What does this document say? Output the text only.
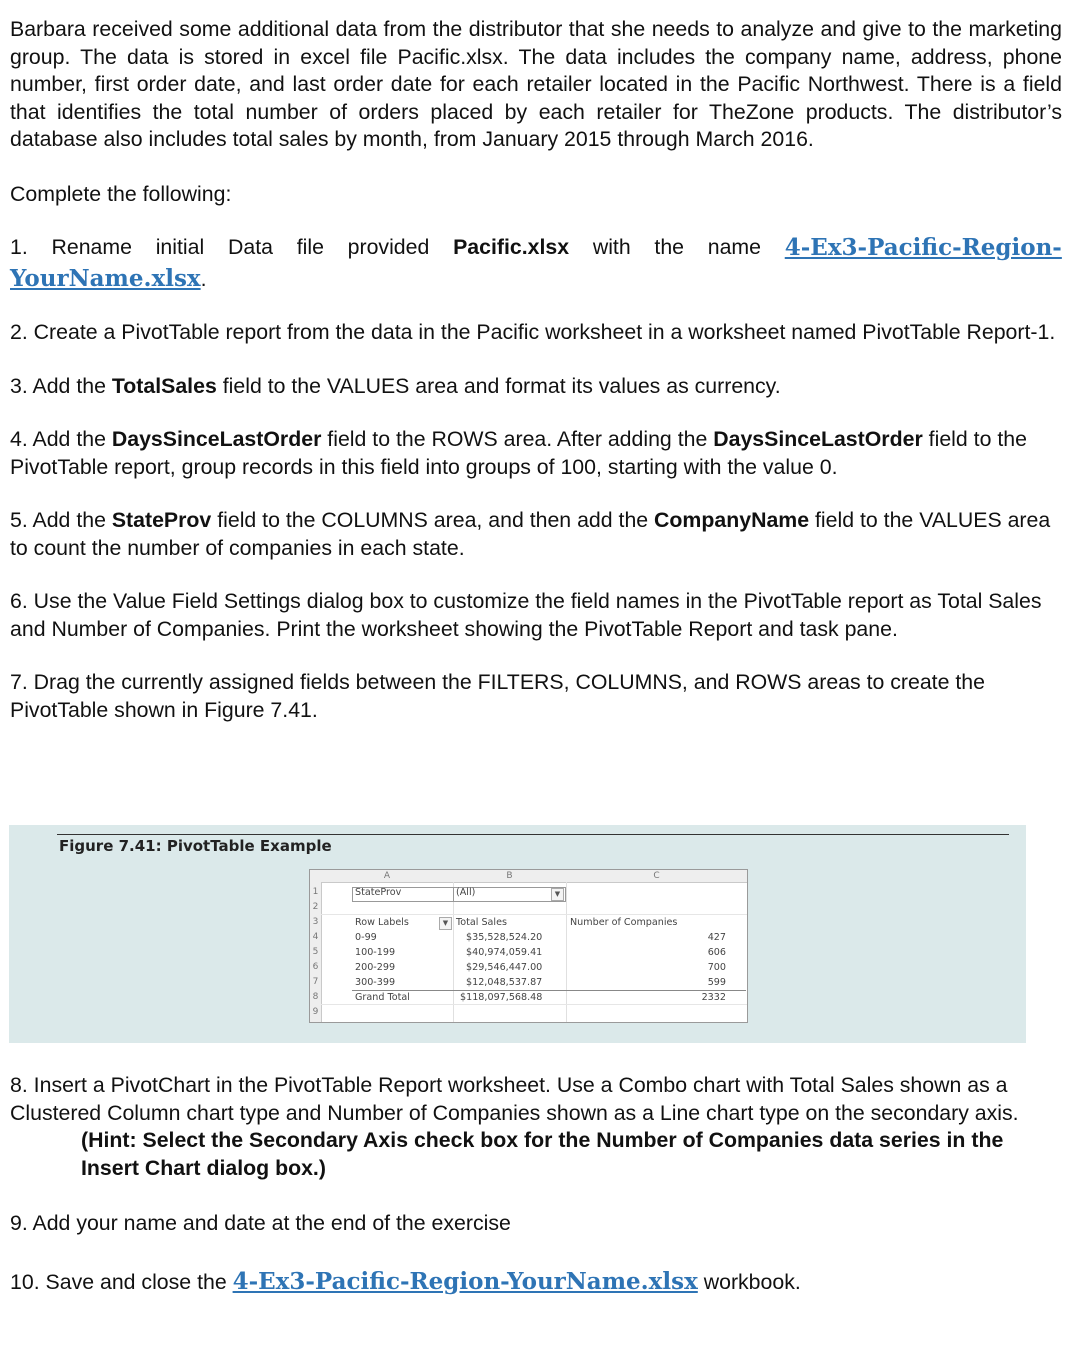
Barbara received some additional data from the distributor that she needs to analyze and give to the marketing group. The data is stored in excel file Pacific.xlsx. The data includes the company name, address, phone number, first order date, and last order date for each retailer located in the Pacific Northwest. There is a field that identifies the total number of orders placed by each retailer for TheZone products. The distributor’s database also includes total sales by month, from January 2015 through March 2016.

Complete the following:

1. Rename initial Data file provided Pacific.xlsx with the name 4-Ex3-Pacific-Region-

YourName.xlsx.

2. Create a PivotTable report from the data in the Pacific worksheet in a worksheet named PivotTable Report-1.

3. Add the TotalSales field to the VALUES area and format its values as currency.

4. Add the DaysSinceLastOrder field to the ROWS area. After adding the DaysSinceLastOrder field to the PivotTable report, group records in this field into groups of 100, starting with the value 0.

5. Add the StateProv field to the COLUMNS area, and then add the CompanyName field to the VALUES area to count the number of companies in each state.

6. Use the Value Field Settings dialog box to customize the field names in the PivotTable report as Total Sales and Number of Companies. Print the worksheet showing the PivotTable Report and task pane.

7. Drag the currently assigned fields between the FILTERS, COLUMNS, and ROWS areas to create the PivotTable shown in Figure 7.41.

Figure 7.41: PivotTable Example
A	B	C
1
2
3
4
5
6
7
8
9
StateProv	(All)	▼
Row Labels	▼ Total Sales	Number of Companies
0-99	$35,528,524.20	427
100-199	$40,974,059.41	606
200-299	$29,546,447.00	700
300-399	$12,048,537.87	599
Grand Total	$118,097,568.48	2332

8. Insert a PivotChart in the PivotTable Report worksheet. Use a Combo chart with Total Sales shown as a Clustered Column chart type and Number of Companies shown as a Line chart type on the secondary axis.

(Hint: Select the Secondary Axis check box for the Number of Companies data series in the Insert Chart dialog box.)

9. Add your name and date at the end of the exercise

10. Save and close the 4-Ex3-Pacific-Region-YourName.xlsx workbook.
